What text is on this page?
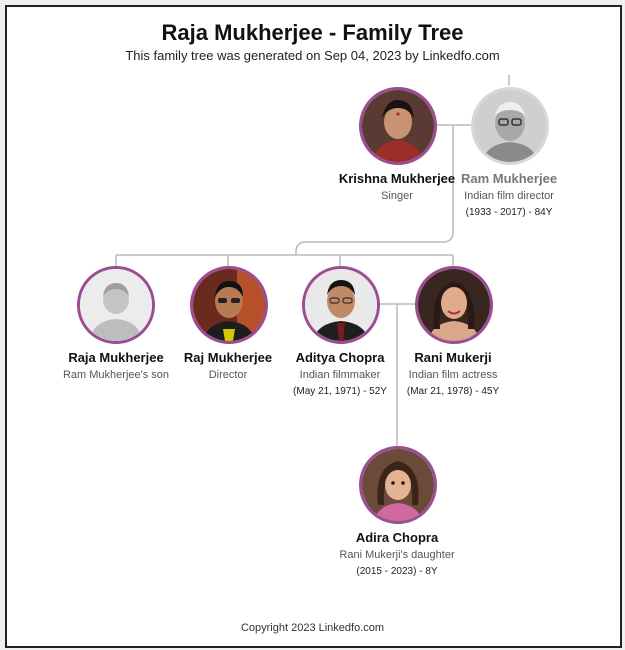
Raja Mukherjee - Family Tree
This family tree was generated on Sep 04, 2023 by Linkedfo.com
Krishna Mukherjee
Singer
Ram Mukherjee
Indian film director
(1933 - 2017) - 84Y
Raja Mukherjee
Ram Mukherjee's son
Raj Mukherjee
Director
Aditya Chopra
Indian filmmaker
(May 21, 1971) - 52Y
Rani Mukerji
Indian film actress
(Mar 21, 1978) - 45Y
Adira Chopra
Rani Mukerji's daughter
(2015 - 2023) - 8Y
Copyright 2023 Linkedfo.com
